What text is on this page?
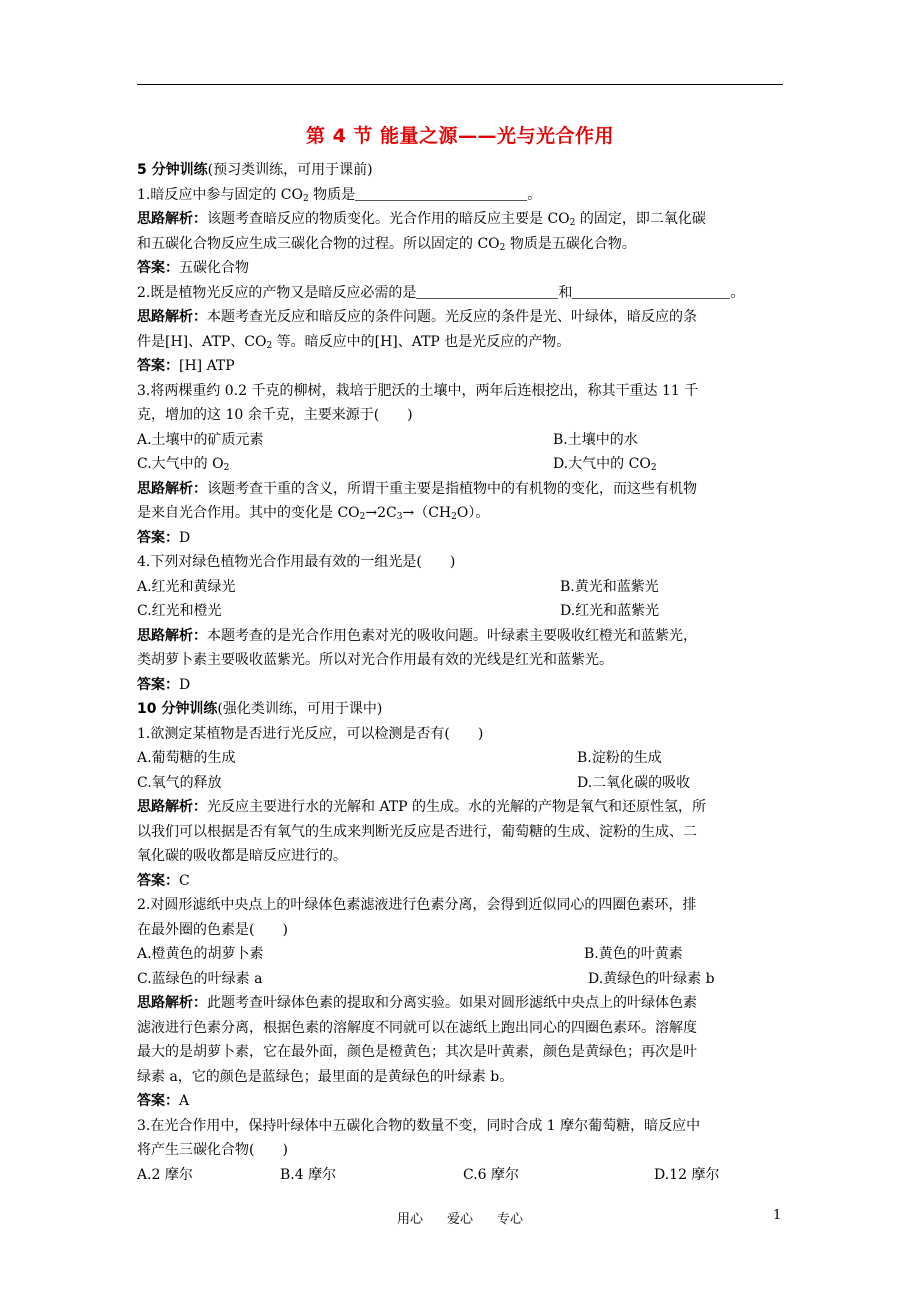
第 4 节 能量之源——光与光合作用
5 分钟训练(预习类训练，可用于课前)
1.暗反应中参与固定的 $CO_2$ 物质是	。
思路解析：该题考查暗反应的物质变化。光合作用的暗反应主要是 $CO_2$ 的固定，即二氧化碳
和五碳化合物反应生成三碳化合物的过程。所以固定的 $CO_2$ 物质是五碳化合物。
答案：五碳化合物
2.既是植物光反应的产物又是暗反应必需的是	和	。
思路解析：本题考查光反应和暗反应的条件问题。光反应的条件是光、叶绿体，暗反应的条
件是[H]、ATP、$CO_2$ 等。暗反应中的[H]、ATP 也是光反应的产物。
答案：[H] ATP
3.将两棵重约 0.2 千克的柳树，栽培于肥沃的土壤中，两年后连根挖出，称其干重达 11 千
克，增加的这 10 余千克，主要来源于(　　)
A.土壤中的矿质元素	B.土壤中的水
C.大气中的 $O_2$	D.大气中的 $CO_2$
思路解析：该题考查干重的含义，所谓干重主要是指植物中的有机物的变化，而这些有机物
是来自光合作用。其中的变化是 $CO_2\to 2C_3\to(CH_2O)$。
答案：D
4.下列对绿色植物光合作用最有效的一组光是(　　)
A.红光和黄绿光	B.黄光和蓝紫光
C.红光和橙光	D.红光和蓝紫光
思路解析：本题考查的是光合作用色素对光的吸收问题。叶绿素主要吸收红橙光和蓝紫光，
类胡萝卜素主要吸收蓝紫光。所以对光合作用最有效的光线是红光和蓝紫光。
答案：D
10 分钟训练(强化类训练，可用于课中)
1.欲测定某植物是否进行光反应，可以检测是否有(　　)
A.葡萄糖的生成	B.淀粉的生成
C.氧气的释放	D.二氧化碳的吸收
思路解析：光反应主要进行水的光解和 ATP 的生成。水的光解的产物是氧气和还原性氢，所
以我们可以根据是否有氧气的生成来判断光反应是否进行，葡萄糖的生成、淀粉的生成、二
氧化碳的吸收都是暗反应进行的。
答案：C
2.对圆形滤纸中央点上的叶绿体色素滤液进行色素分离，会得到近似同心的四圈色素环，排
在最外圈的色素是(　　)
A.橙黄色的胡萝卜素	B.黄色的叶黄素
C.蓝绿色的叶绿素 a	D.黄绿色的叶绿素 b
思路解析：此题考查叶绿体色素的提取和分离实验。如果对圆形滤纸中央点上的叶绿体色素
滤液进行色素分离，根据色素的溶解度不同就可以在滤纸上跑出同心的四圈色素环。溶解度
最大的是胡萝卜素，它在最外面，颜色是橙黄色；其次是叶黄素，颜色是黄绿色；再次是叶
绿素 a，它的颜色是蓝绿色；最里面的是黄绿色的叶绿素 b。
答案：A
3.在光合作用中，保持叶绿体中五碳化合物的数量不变，同时合成 1 摩尔葡萄糖，暗反应中
将产生三碳化合物(　　)
A.2 摩尔	B.4 摩尔	C.6 摩尔	D.12 摩尔
用心 爱心 专心	1
